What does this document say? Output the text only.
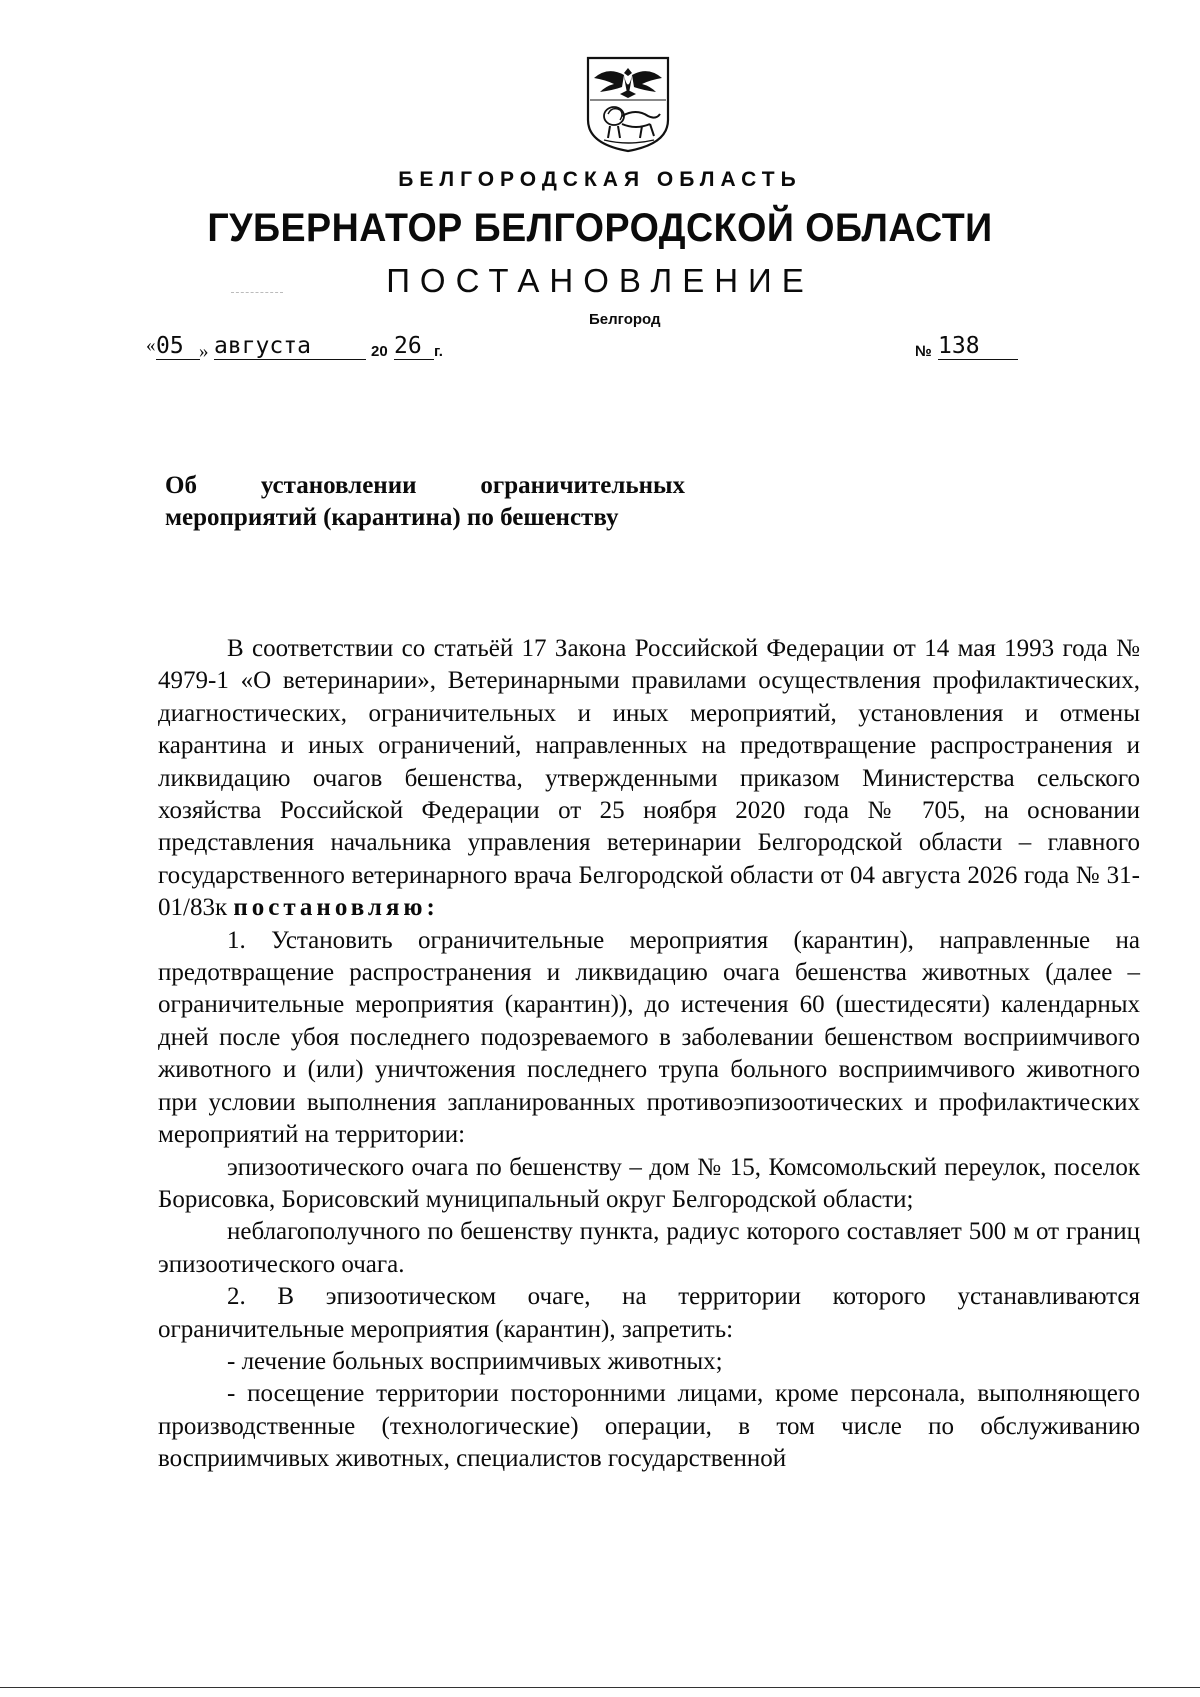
БЕЛГОРОДСКАЯ ОБЛАСТЬ
ГУБЕРНАТОР БЕЛГОРОДСКОЙ ОБЛАСТИ
ПОСТАНОВЛЕНИЕ
Белгород
« 05 » августа	20 26 г.	№ 138
Об	установлении	ограничительных
мероприятий (карантина) по бешенству

В соответствии со статьёй 17 Закона Российской Федерации от 14 мая 1993 года № 4979-1 «О ветеринарии», Ветеринарными правилами осуществления профилактических, диагностических, ограничительных и иных мероприятий, установления и отмены карантина и иных ограничений, направленных на предотвращение распространения и ликвидацию очагов бешенства, утвержденными приказом Министерства сельского хозяйства Российской Федерации от 25 ноября 2020 года № 705, на основании представления начальника управления ветеринарии Белгородской области – главного государственного ветеринарного врача Белгородской области от 04 августа 2026 года № 31-01/83к постановляю:

1. Установить ограничительные мероприятия (карантин), направленные на предотвращение распространения и ликвидацию очага бешенства животных (далее – ограничительные мероприятия (карантин)), до истечения 60 (шестидесяти) календарных дней после убоя последнего подозреваемого в заболевании бешенством восприимчивого животного и (или) уничтожения последнего трупа больного восприимчивого животного при условии выполнения запланированных противоэпизоотических и профилактических мероприятий на территории:

эпизоотического очага по бешенству – дом № 15, Комсомольский переулок, поселок Борисовка, Борисовский муниципальный округ Белгородской области;

неблагополучного по бешенству пункта, радиус которого составляет 500 м от границ эпизоотического очага.

2. В эпизоотическом очаге, на территории которого устанавливаются ограничительные мероприятия (карантин), запретить:

- лечение больных восприимчивых животных;

- посещение территории посторонними лицами, кроме персонала, выполняющего производственные (технологические) операции, в том числе по обслуживанию восприимчивых животных, специалистов государственной
